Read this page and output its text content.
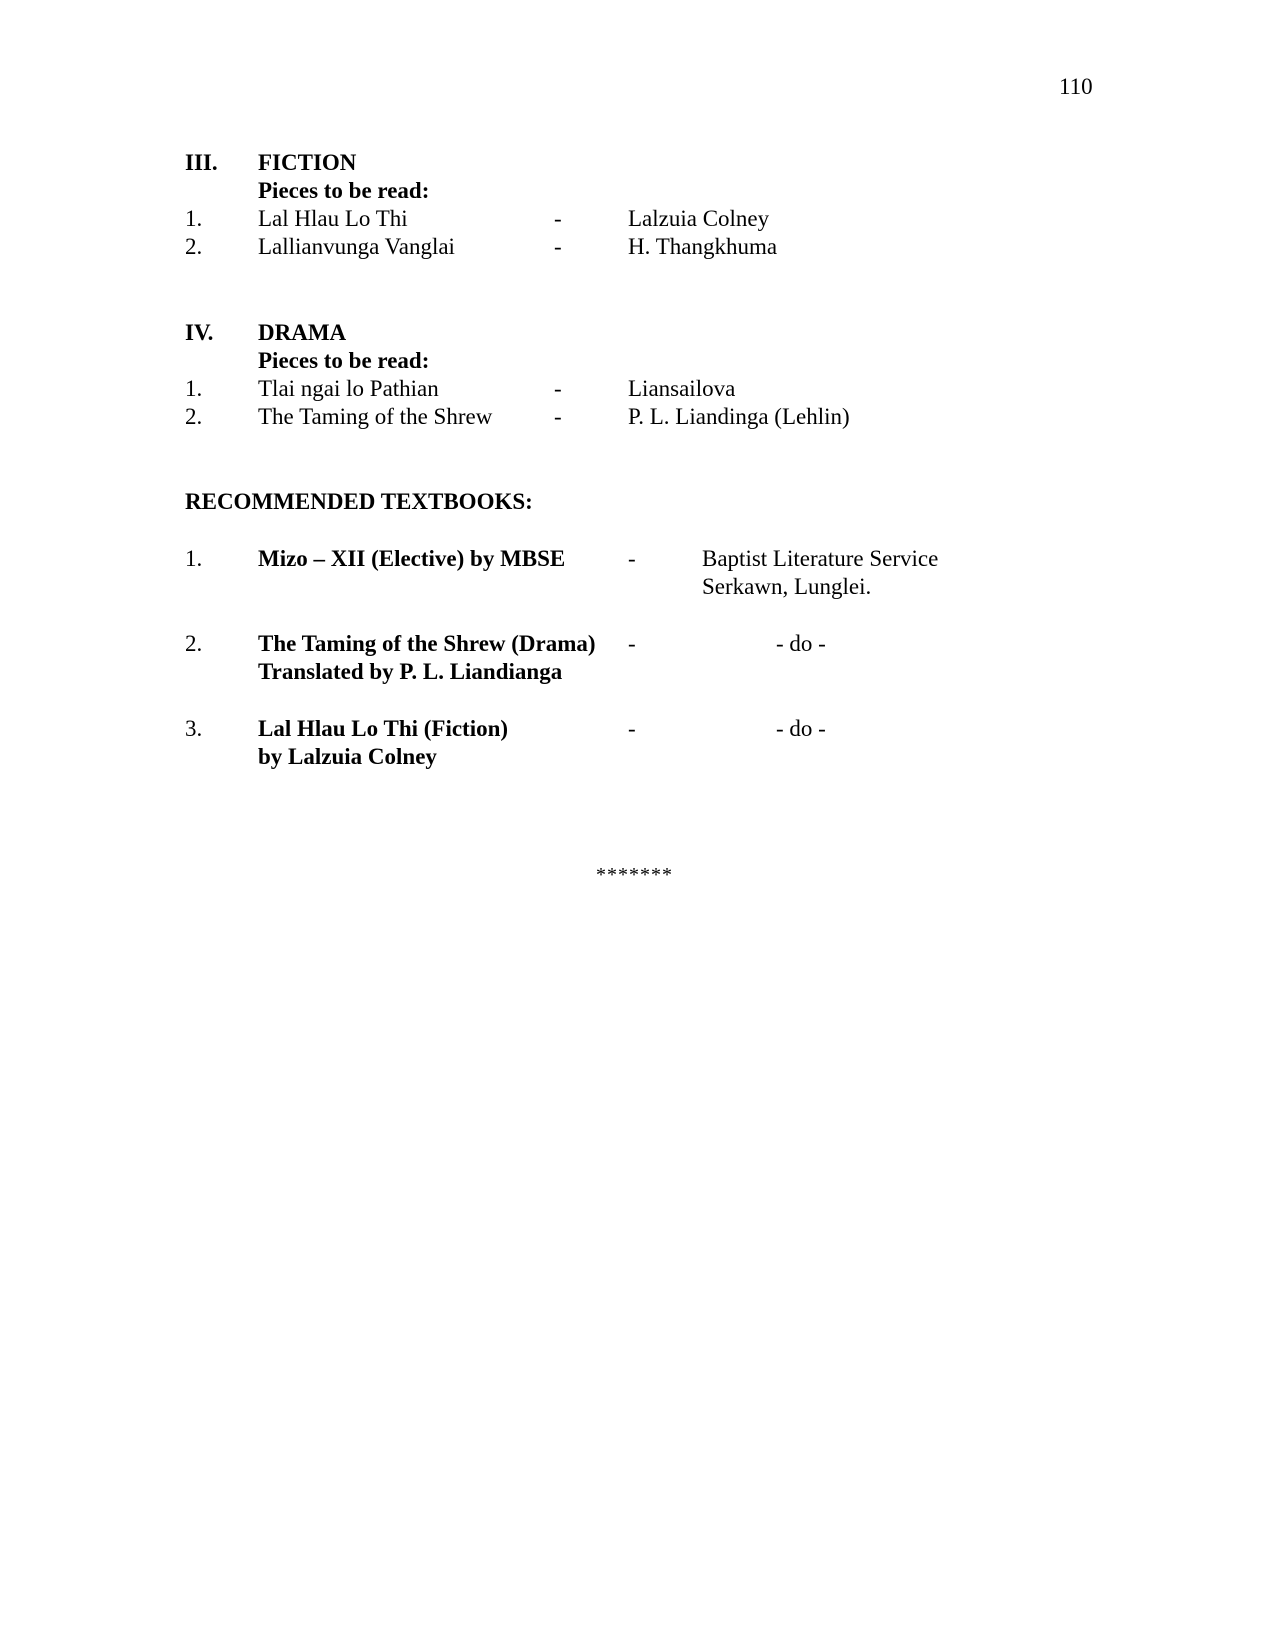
110
III. FICTION
Pieces to be read:
1. Lal Hlau Lo Thi	-	Lalzuia Colney
2. Lallianvunga Vanglai	-	H. Thangkhuma
IV. DRAMA
Pieces to be read:
1. Tlai ngai lo Pathian	-	Liansailova
2. The Taming of the Shrew	-	P. L. Liandinga (Lehlin)
RECOMMENDED TEXTBOOKS:
1. Mizo – XII (Elective) by MBSE	-	Baptist Literature Service
Serkawn, Lunglei.
2. The Taming of the Shrew (Drama) -	- do -
Translated by P. L. Liandianga
3. Lal Hlau Lo Thi (Fiction)	-	- do -
by Lalzuia Colney
*******
